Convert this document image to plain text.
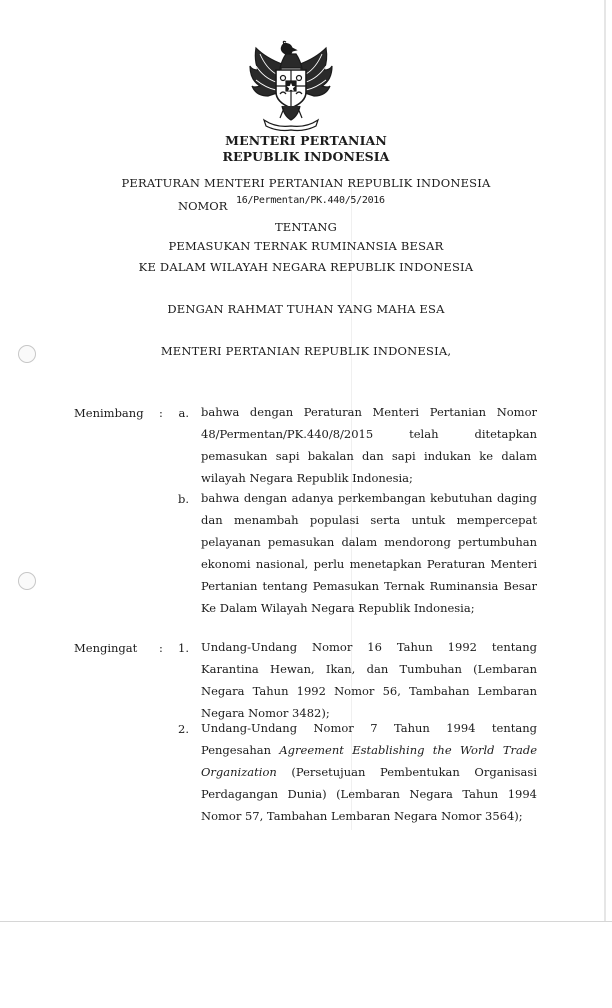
MENTERI PERTANIAN
REPUBLIK INDONESIA
PERATURAN MENTERI PERTANIAN REPUBLIK INDONESIA
NOMOR 16/Permentan/PK.440/5/2016
TENTANG
PEMASUKAN TERNAK RUMINANSIA BESAR
KE DALAM WILAYAH NEGARA REPUBLIK INDONESIA
DENGAN RAHMAT TUHAN YANG MAHA ESA
MENTERI PERTANIAN REPUBLIK INDONESIA,
Menimbang :	a. bahwa dengan Peraturan Menteri Pertanian Nomor 48/Permentan/PK.440/8/2015 telah ditetapkan pemasukan sapi bakalan dan sapi indukan ke dalam wilayah Negara Republik Indonesia;
b. bahwa dengan adanya perkembangan kebutuhan daging dan menambah populasi serta untuk mempercepat pelayanan pemasukan dalam mendorong pertumbuhan ekonomi nasional, perlu menetapkan Peraturan Menteri Pertanian tentang Pemasukan Ternak Ruminansia Besar Ke Dalam Wilayah Negara Republik Indonesia;
Mengingat :	1. Undang-Undang Nomor 16 Tahun 1992 tentang Karantina Hewan, Ikan, dan Tumbuhan (Lembaran Negara Tahun 1992 Nomor 56, Tambahan Lembaran Negara Nomor 3482);
2. Undang-Undang Nomor 7 Tahun 1994 tentang Pengesahan Agreement Establishing the World Trade Organization (Persetujuan Pembentukan Organisasi Perdagangan Dunia) (Lembaran Negara Tahun 1994 Nomor 57, Tambahan Lembaran Negara Nomor 3564);
